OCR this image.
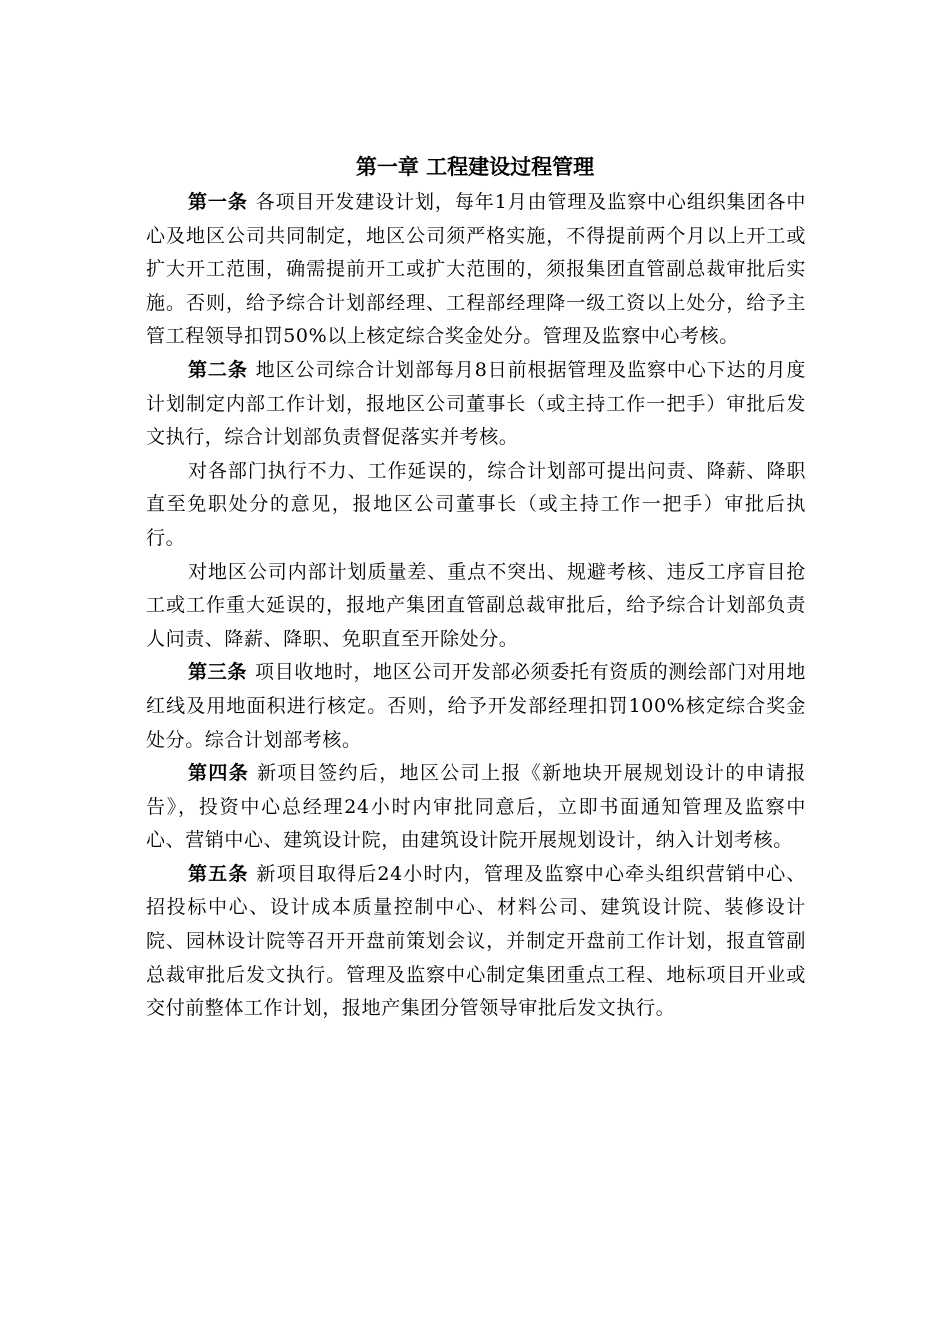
第一章 工程建设过程管理

第一条 各项目开发建设计划，每年1月由管理及监察中心组织集团各中心及地区公司共同制定，地区公司须严格实施，不得提前两个月以上开工或扩大开工范围，确需提前开工或扩大范围的，须报集团直管副总裁审批后实施。否则，给予综合计划部经理、工程部经理降一级工资以上处分，给予主管工程领导扣罚50%以上核定综合奖金处分。管理及监察中心考核。

第二条 地区公司综合计划部每月8日前根据管理及监察中心下达的月度计划制定内部工作计划，报地区公司董事长（或主持工作一把手）审批后发文执行，综合计划部负责督促落实并考核。

对各部门执行不力、工作延误的，综合计划部可提出问责、降薪、降职直至免职处分的意见，报地区公司董事长（或主持工作一把手）审批后执行。

对地区公司内部计划质量差、重点不突出、规避考核、违反工序盲目抢工或工作重大延误的，报地产集团直管副总裁审批后，给予综合计划部负责人问责、降薪、降职、免职直至开除处分。

第三条 项目收地时，地区公司开发部必须委托有资质的测绘部门对用地红线及用地面积进行核定。否则，给予开发部经理扣罚100%核定综合奖金处分。综合计划部考核。

第四条 新项目签约后，地区公司上报《新地块开展规划设计的申请报告》，投资中心总经理24小时内审批同意后，立即书面通知管理及监察中心、营销中心、建筑设计院，由建筑设计院开展规划设计，纳入计划考核。

第五条 新项目取得后24小时内，管理及监察中心牵头组织营销中心、招投标中心、设计成本质量控制中心、材料公司、建筑设计院、装修设计院、园林设计院等召开开盘前策划会议，并制定开盘前工作计划，报直管副总裁审批后发文执行。管理及监察中心制定集团重点工程、地标项目开业或交付前整体工作计划，报地产集团分管领导审批后发文执行。
